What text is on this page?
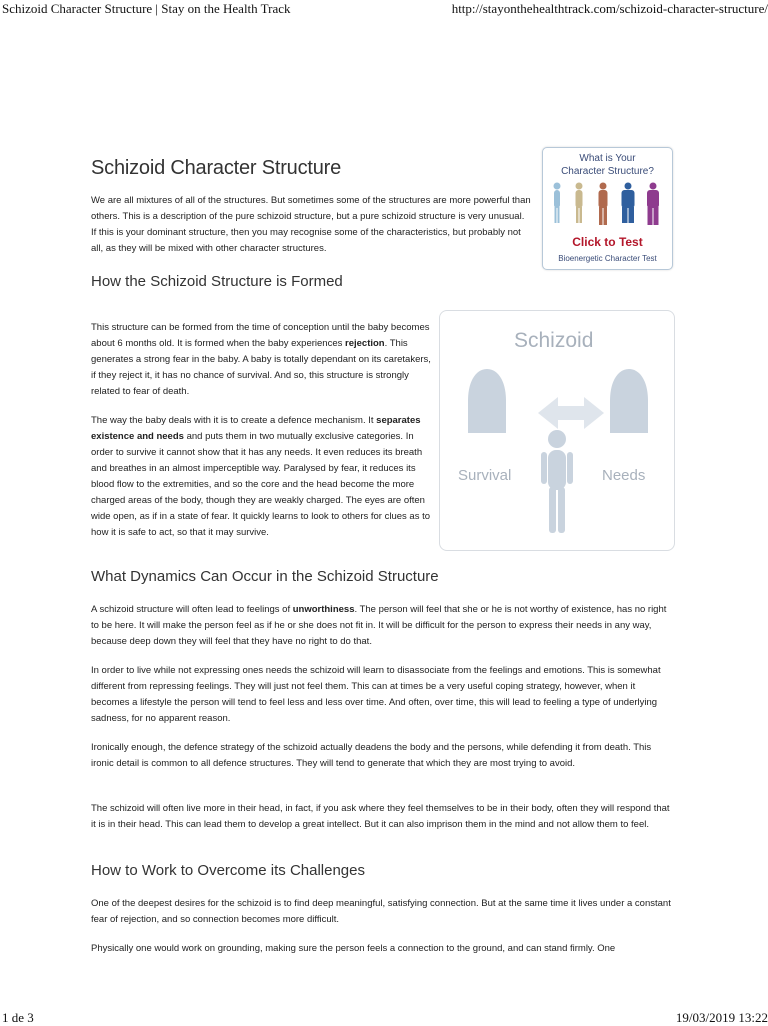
Schizoid Character Structure | Stay on the Health Track	http://stayonthehealthtrack.com/schizoid-character-structure/
Schizoid Character Structure

We are all mixtures of all of the structures. But sometimes some of the structures are more powerful than others. This is a description of the pure schizoid structure, but a pure schizoid structure is very unusual. If this is your dominant structure, then you may recognise some of the characteristics, but probably not all, as they will be mixed with other character structures.

What is Your
Character Structure?
Click to Test
Bioenergetic Character Test
How the Schizoid Structure is Formed

This structure can be formed from the time of conception until the baby becomes about 6 months old. It is formed when the baby experiences rejection. This generates a strong fear in the baby. A baby is totally dependant on its caretakers, if they reject it, it has no chance of survival. And so, this structure is strongly related to fear of death.

The way the baby deals with it is to create a defence mechanism. It separates existence and needs and puts them in two mutually exclusive categories. In order to survive it cannot show that it has any needs. It even reduces its breath and breathes in an almost imperceptible way. Paralysed by fear, it reduces its blood flow to the extremities, and so the core and the head become the more charged areas of the body, though they are weakly charged. The eyes are often wide open, as if in a state of fear. It quickly learns to look to others for clues as to how it is safe to act, so that it may survive.

Schizoid
Survival	Needs
What Dynamics Can Occur in the Schizoid Structure

A schizoid structure will often lead to feelings of unworthiness. The person will feel that she or he is not worthy of existence, has no right to be here. It will make the person feel as if he or she does not fit in. It will be difficult for the person to express their needs in any way, because deep down they will feel that they have no right to do that.

In order to live while not expressing ones needs the schizoid will learn to disassociate from the feelings and emotions. This is somewhat different from repressing feelings. They will just not feel them. This can at times be a very useful coping strategy, however, when it becomes a lifestyle the person will tend to feel less and less over time. And often, over time, this will lead to feeling a type of underlying sadness, for no apparent reason.

Ironically enough, the defence strategy of the schizoid actually deadens the body and the persons, while defending it from death. This ironic detail is common to all defence structures. They will tend to generate that which they are most trying to avoid.

The schizoid will often live more in their head, in fact, if you ask where they feel themselves to be in their body, often they will respond that it is in their head. This can lead them to develop a great intellect. But it can also imprison them in the mind and not allow them to feel.

How to Work to Overcome its Challenges

One of the deepest desires for the schizoid is to find deep meaningful, satisfying connection. But at the same time it lives under a constant fear of rejection, and so connection becomes more difficult.

Physically one would work on grounding, making sure the person feels a connection to the ground, and can stand firmly. One

1 de 3	19/03/2019 13:22
